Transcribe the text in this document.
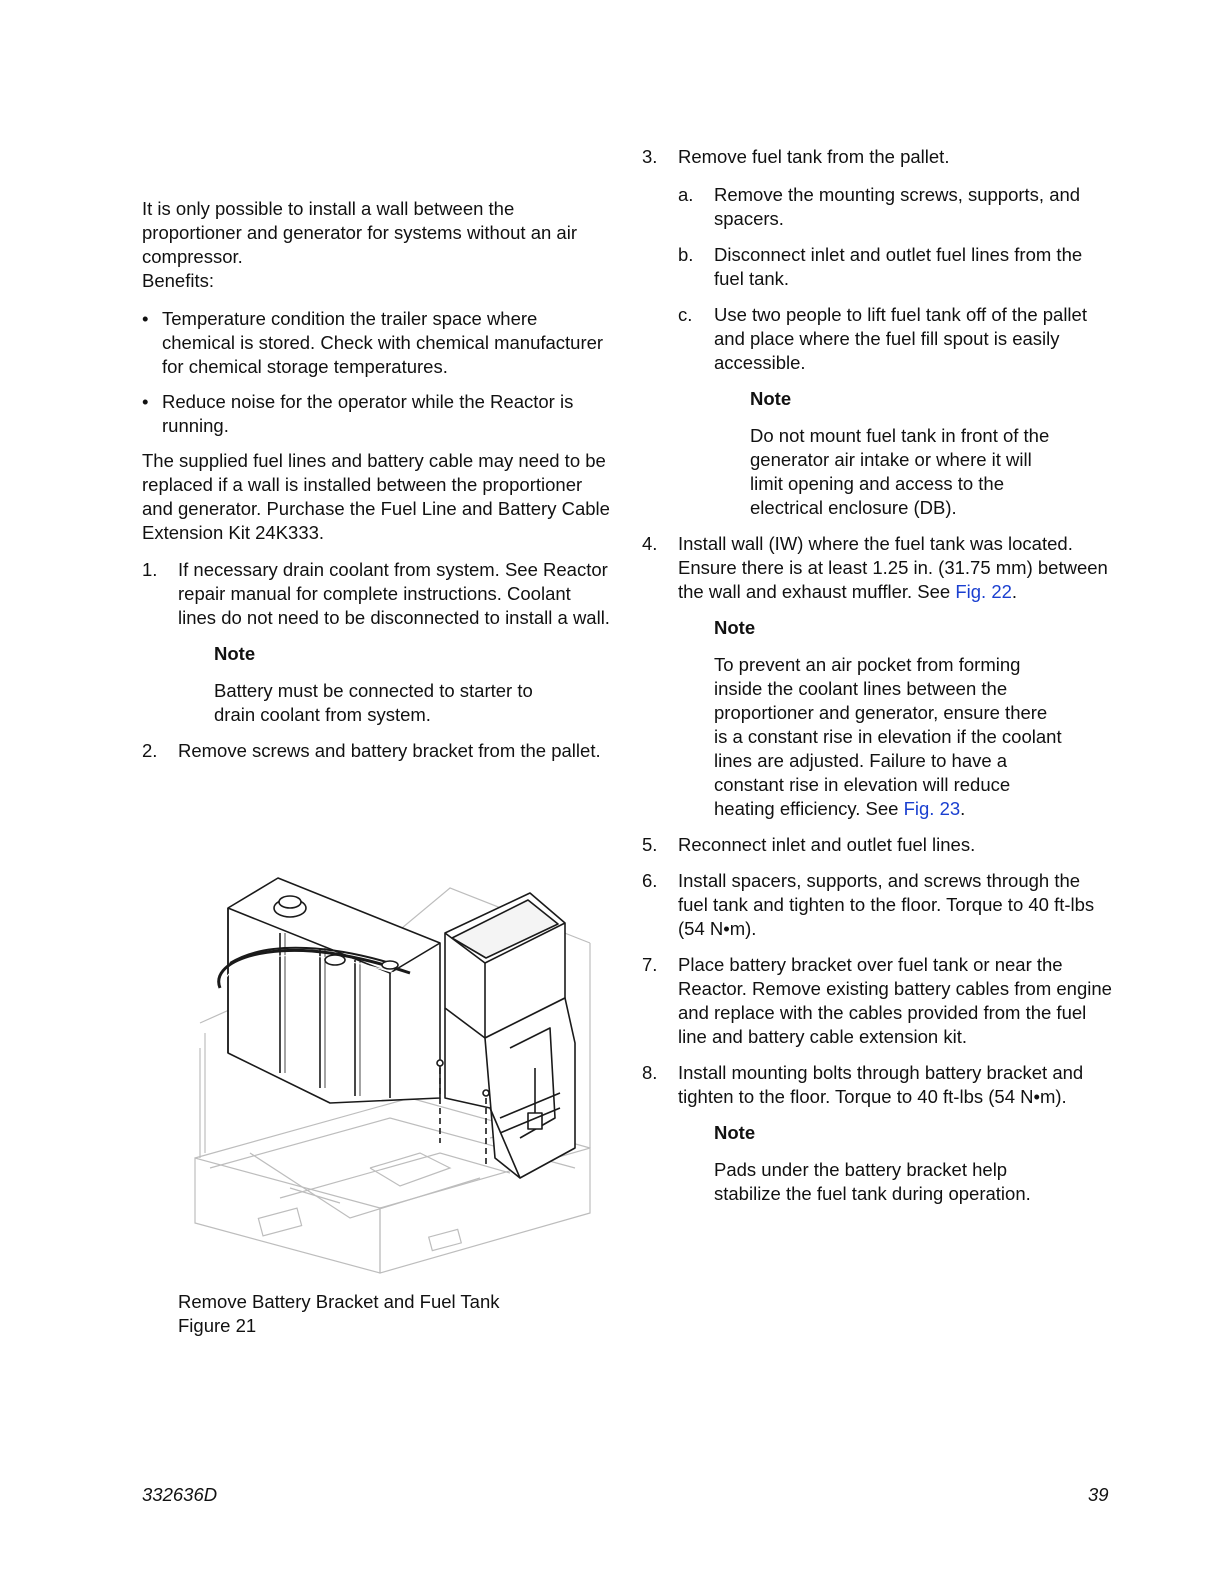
It is only possible to install a wall between the proportioner and generator for systems without an air compressor.
Benefits:

• Temperature condition the trailer space where chemical is stored. Check with chemical manufacturer for chemical storage temperatures.
• Reduce noise for the operator while the Reactor is running.

The supplied fuel lines and battery cable may need to be replaced if a wall is installed between the proportioner and generator. Purchase the Fuel Line and Battery Cable Extension Kit 24K333.

1. If necessary drain coolant from system. See Reactor repair manual for complete instructions. Coolant lines do not need to be disconnected to install a wall.
Note
Battery must be connected to starter to drain coolant from system.
2. Remove screws and battery bracket from the pallet.
Remove Battery Bracket and Fuel Tank
Figure 21
3. Remove fuel tank from the pallet.
a. Remove the mounting screws, supports, and spacers.
b. Disconnect inlet and outlet fuel lines from the fuel tank.
c. Use two people to lift fuel tank off of the pallet and place where the fuel fill spout is easily accessible.
Note
Do not mount fuel tank in front of the generator air intake or where it will limit opening and access to the electrical enclosure (DB).
4. Install wall (IW) where the fuel tank was located. Ensure there is at least 1.25 in. (31.75 mm) between the wall and exhaust muffler. See Fig. 22.
Note
To prevent an air pocket from forming inside the coolant lines between the proportioner and generator, ensure there is a constant rise in elevation if the coolant lines are adjusted. Failure to have a constant rise in elevation will reduce heating efficiency. See Fig. 23.
5. Reconnect inlet and outlet fuel lines.
6. Install spacers, supports, and screws through the fuel tank and tighten to the floor. Torque to 40 ft-lbs (54 N•m).
7. Place battery bracket over fuel tank or near the Reactor. Remove existing battery cables from engine and replace with the cables provided from the fuel line and battery cable extension kit.
8. Install mounting bolts through battery bracket and tighten to the floor. Torque to 40 ft-lbs (54 N•m).
Note
Pads under the battery bracket help stabilize the fuel tank during operation.
332636D	39
